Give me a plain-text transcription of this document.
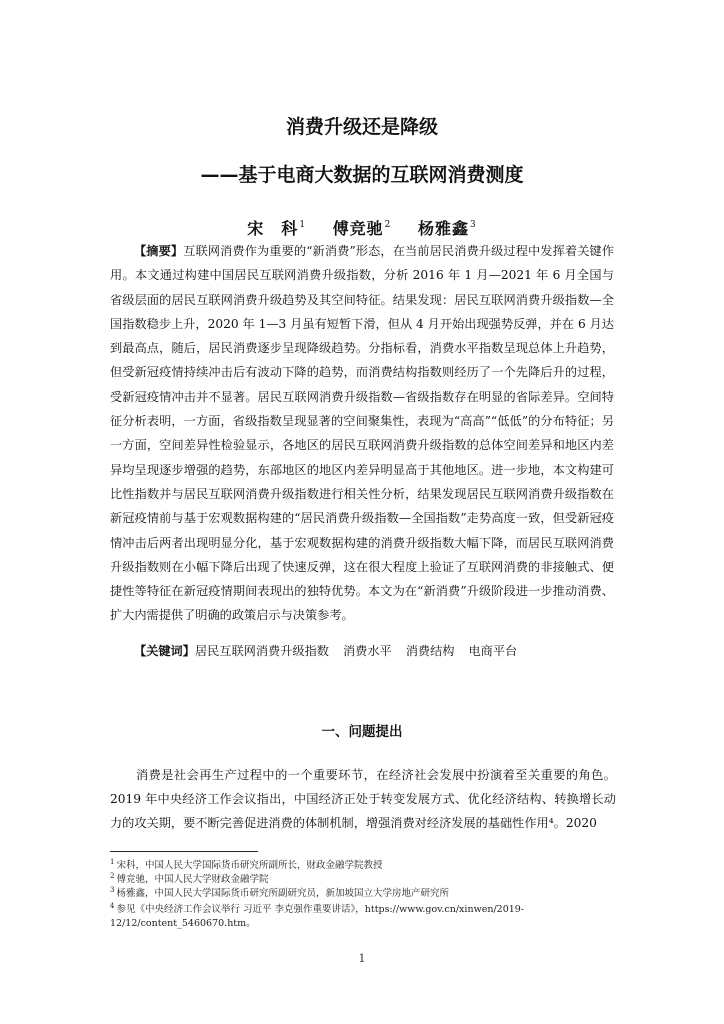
消费升级还是降级
——基于电商大数据的互联网消费测度
宋　科$^1$ 傅竞驰$^2$ 杨雅鑫$^3$
【摘要】互联网消费作为重要的“新消费”形态，在当前居民消费升级过程中发挥着关键作用。本文通过构建中国居民互联网消费升级指数，分析 2016 年 1 月—2021 年 6 月全国与省级层面的居民互联网消费升级趋势及其空间特征。结果发现：居民互联网消费升级指数—全国指数稳步上升，2020 年 1—3 月虽有短暂下滑，但从 4 月开始出现强势反弹，并在 6 月达到最高点，随后，居民消费逐步呈现降级趋势。分指标看，消费水平指数呈现总体上升趋势，但受新冠疫情持续冲击后有波动下降的趋势，而消费结构指数则经历了一个先降后升的过程，受新冠疫情冲击并不显著。居民互联网消费升级指数—省级指数存在明显的省际差异。空间特征分析表明，一方面，省级指数呈现显著的空间聚集性，表现为“高高”“低低”的分布特征；另一方面，空间差异性检验显示，各地区的居民互联网消费升级指数的总体空间差异和地区内差异均呈现逐步增强的趋势，东部地区的地区内差异明显高于其他地区。进一步地，本文构建可比性指数并与居民互联网消费升级指数进行相关性分析，结果发现居民互联网消费升级指数在新冠疫情前与基于宏观数据构建的“居民消费升级指数—全国指数”走势高度一致，但受新冠疫情冲击后两者出现明显分化，基于宏观数据构建的消费升级指数大幅下降，而居民互联网消费升级指数则在小幅下降后出现了快速反弹，这在很大程度上验证了互联网消费的非接触式、便捷性等特征在新冠疫情期间表现出的独特优势。本文为在“新消费”升级阶段进一步推动消费、扩大内需提供了明确的政策启示与决策参考。
【关键词】居民互联网消费升级指数 消费水平 消费结构 电商平台
一、问题提出
消费是社会再生产过程中的一个重要环节，在经济社会发展中扮演着至关重要的角色。2019 年中央经济工作会议指出，中国经济正处于转变发展方式、优化经济结构、转换增长动力的攻关期，要不断完善促进消费的体制机制，增强消费对经济发展的基础性作用⁴。2020
$^1$ 宋科，中国人民大学国际货币研究所副所长，财政金融学院教授
$^2$ 傅竞驰，中国人民大学财政金融学院
$^3$ 杨雅鑫，中国人民大学国际货币研究所副研究员，新加坡国立大学房地产研究所
$^4$ 参见《中央经济工作会议举行 习近平 李克强作重要讲话》，https://www.gov.cn/xinwen/2019-12/12/content_5460670.htm。
1
